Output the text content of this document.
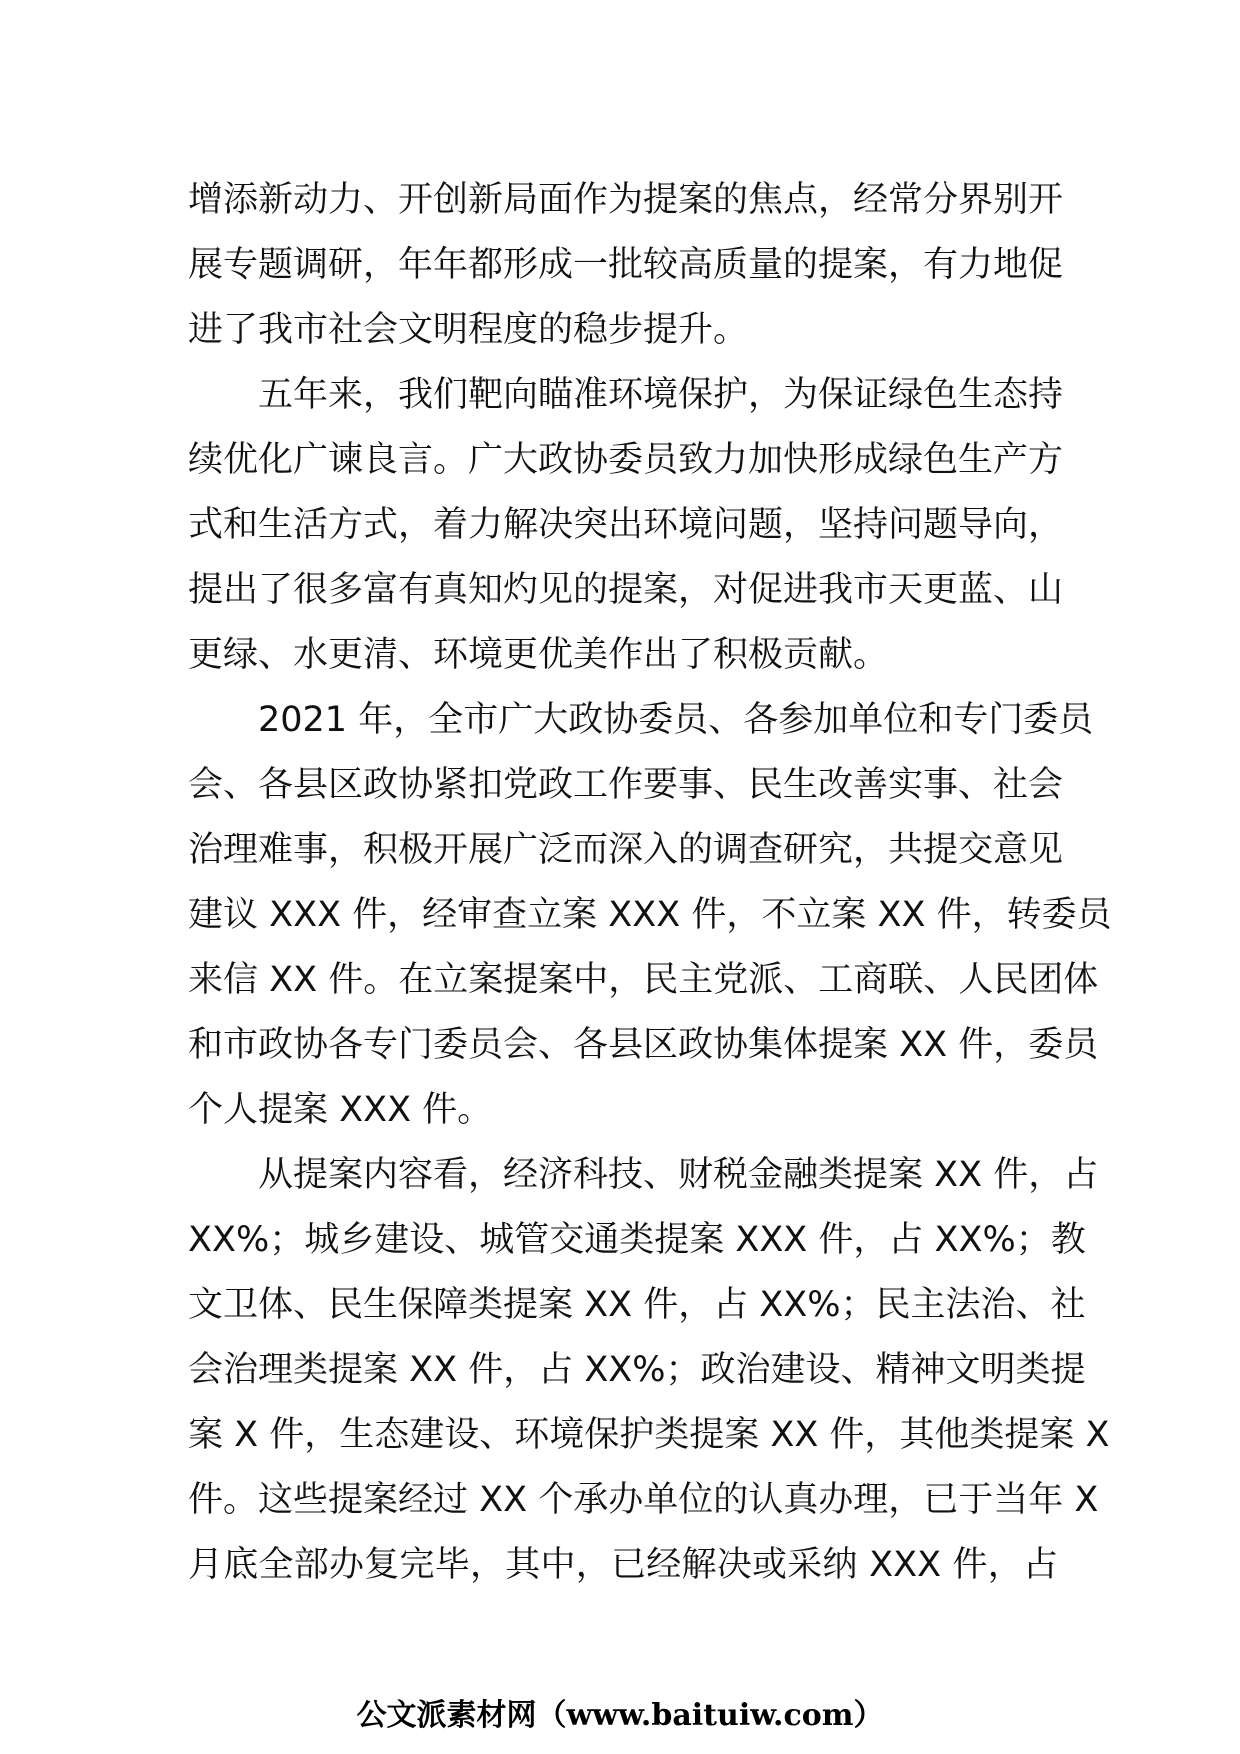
增添新动力、开创新局面作为提案的焦点，经常分界别开
展专题调研，年年都形成一批较高质量的提案，有力地促
进了我市社会文明程度的稳步提升。
五年来，我们靶向瞄准环境保护，为保证绿色生态持
续优化广谏良言。广大政协委员致力加快形成绿色生产方
式和生活方式，着力解决突出环境问题，坚持问题导向，
提出了很多富有真知灼见的提案，对促进我市天更蓝、山
更绿、水更清、环境更优美作出了积极贡献。
2021 年，全市广大政协委员、各参加单位和专门委员
会、各县区政协紧扣党政工作要事、民生改善实事、社会
治理难事，积极开展广泛而深入的调查研究，共提交意见
建议 XXX 件，经审查立案 XXX 件，不立案 XX 件，转委员
来信 XX 件。在立案提案中，民主党派、工商联、人民团体
和市政协各专门委员会、各县区政协集体提案 XX 件，委员
个人提案 XXX 件。
从提案内容看，经济科技、财税金融类提案 XX 件，占
XX%；城乡建设、城管交通类提案 XXX 件，占 XX%；教
文卫体、民生保障类提案 XX 件，占 XX%；民主法治、社
会治理类提案 XX 件，占 XX%；政治建设、精神文明类提
案 X 件，生态建设、环境保护类提案 XX 件，其他类提案 X
件。这些提案经过 XX 个承办单位的认真办理，已于当年 X
月底全部办复完毕，其中，已经解决或采纳 XXX 件，占
公文派素材网（www.baituiw.com）
